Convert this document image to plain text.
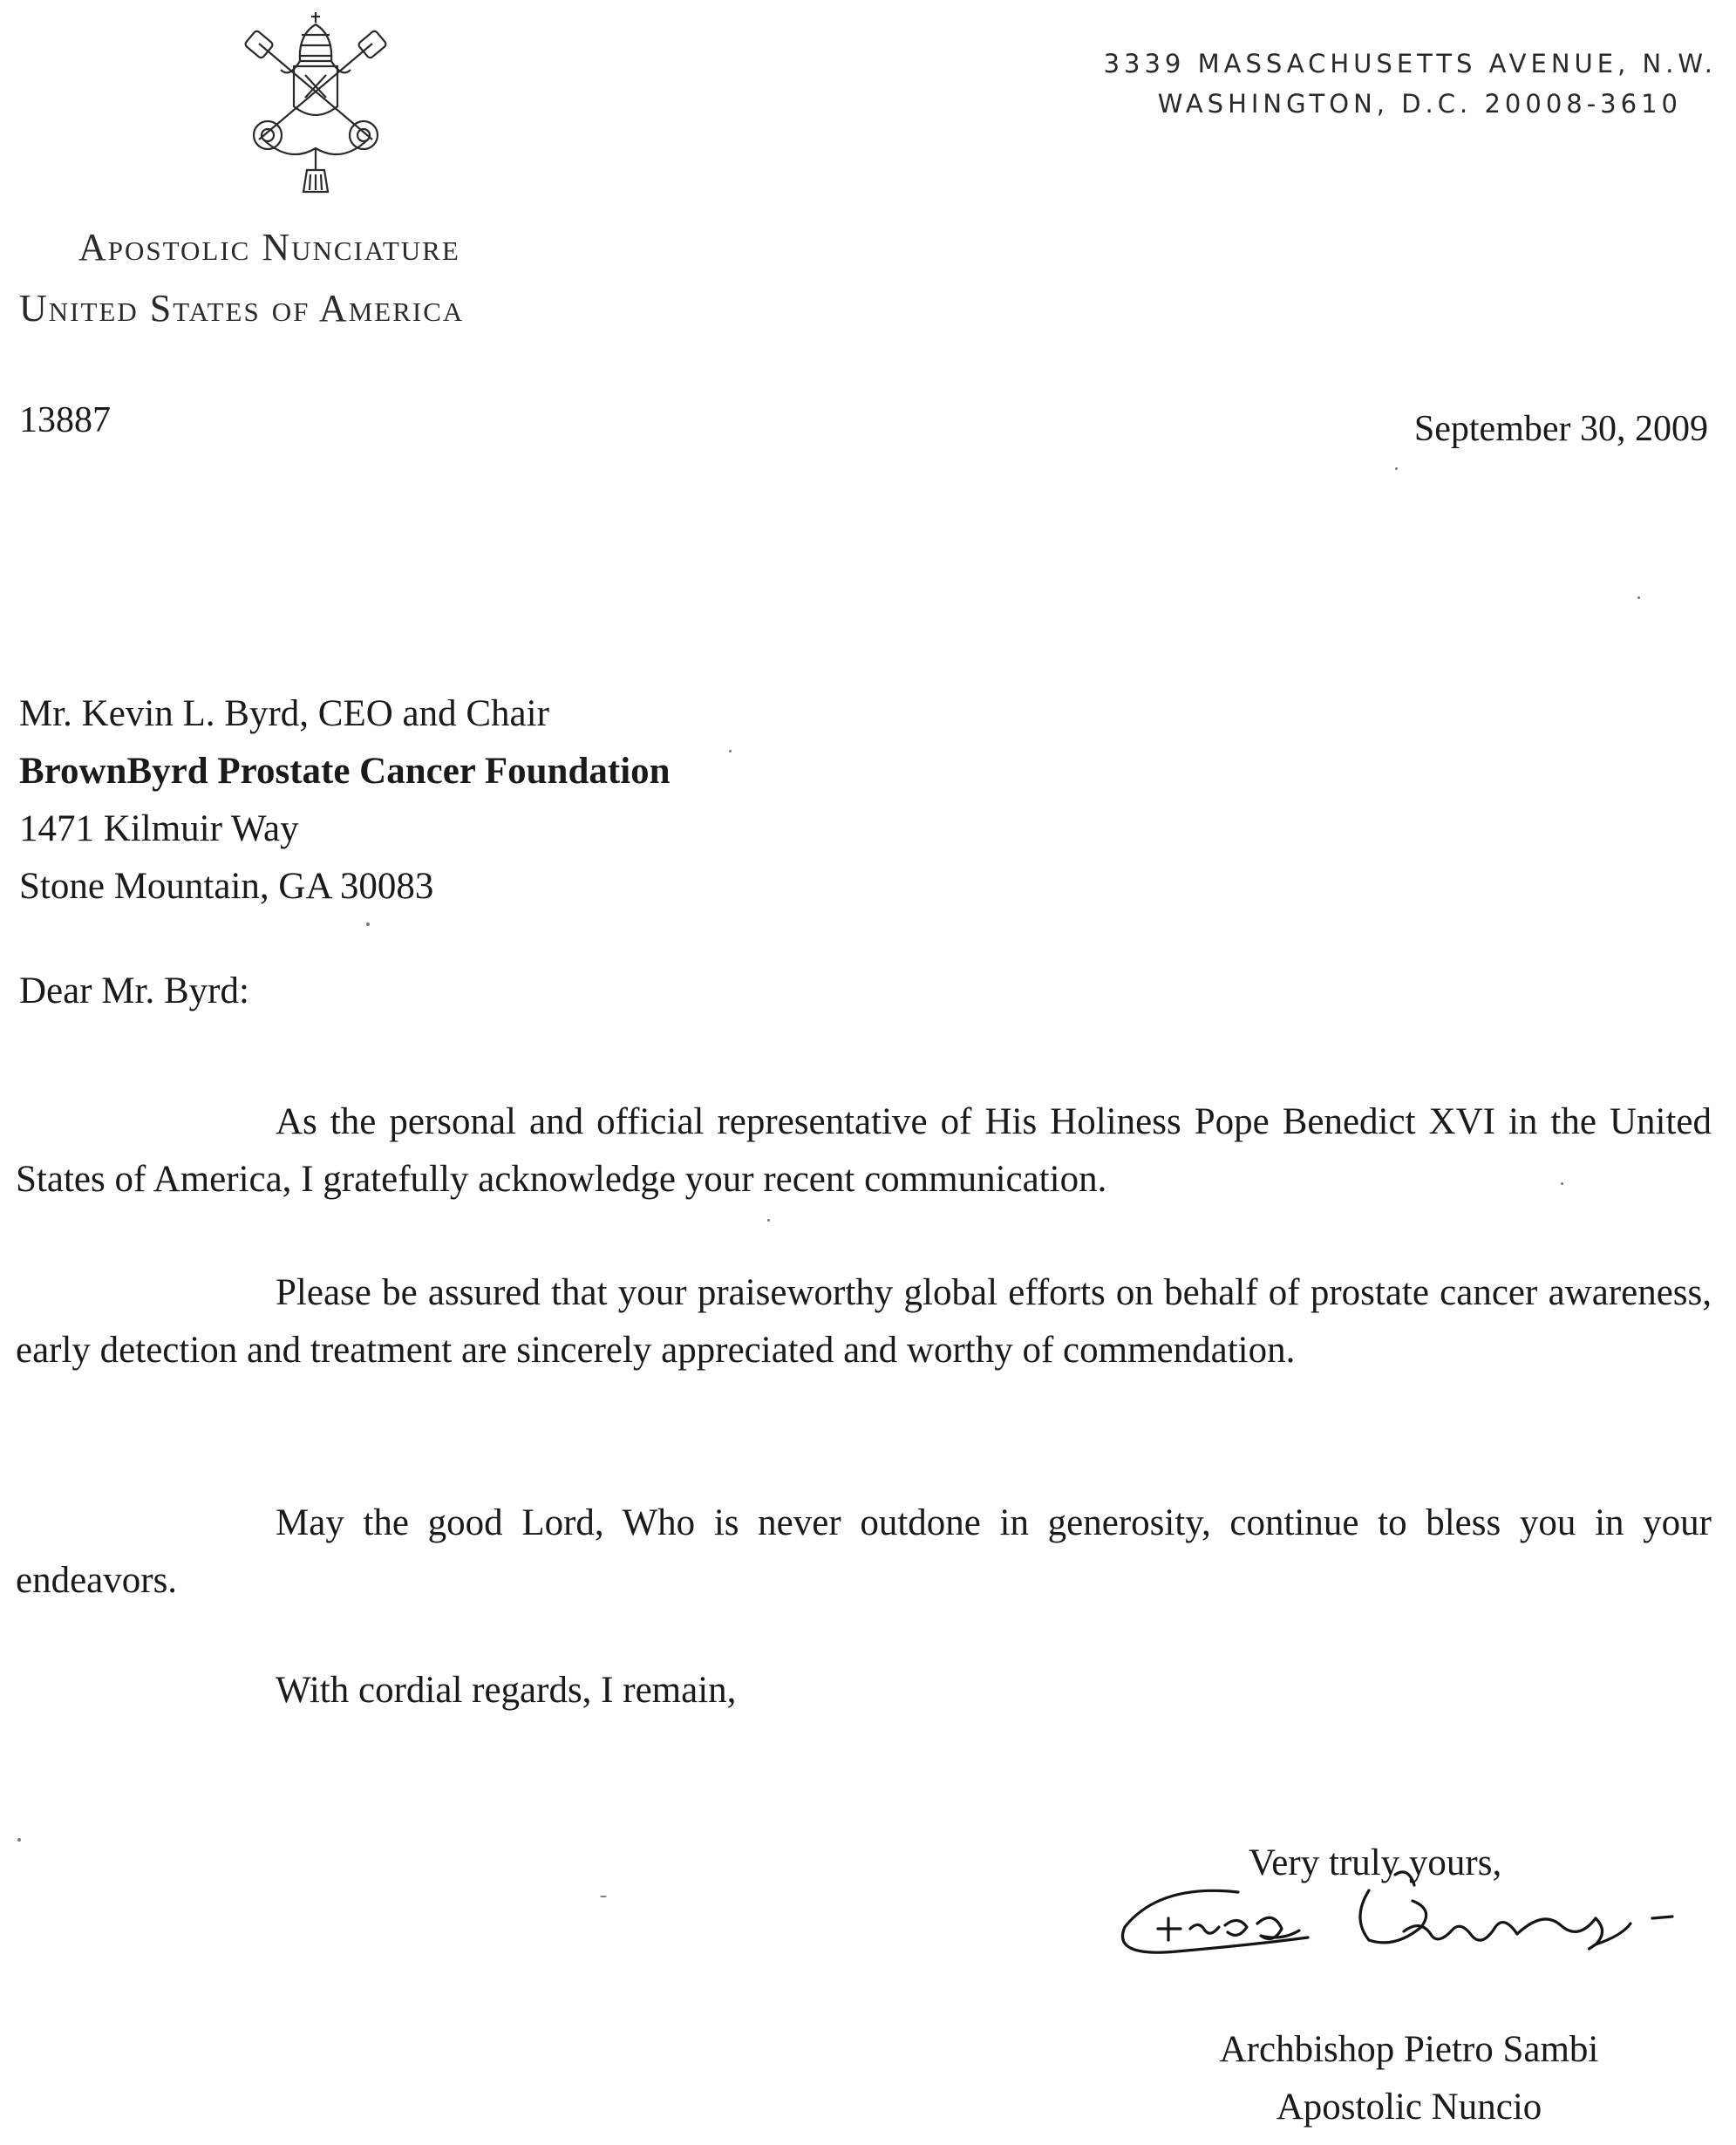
Apostolic Nunciature
United States of America
3339 MASSACHUSETTS AVENUE, N.W.
WASHINGTON, D.C. 20008-3610
13887	September 30, 2009
Mr. Kevin L. Byrd, CEO and Chair
BrownByrd Prostate Cancer Foundation
1471 Kilmuir Way
Stone Mountain, GA 30083
Dear Mr. Byrd:

As the personal and official representative of His Holiness Pope Benedict XVI in the United States of America, I gratefully acknowledge your recent communication.

Please be assured that your praiseworthy global efforts on behalf of prostate cancer awareness, early detection and treatment are sincerely appreciated and worthy of commendation.

May the good Lord, Who is never outdone in generosity, continue to bless you in your endeavors.

With cordial regards, I remain,
Very truly yours,
Archbishop Pietro Sambi
Apostolic Nuncio
